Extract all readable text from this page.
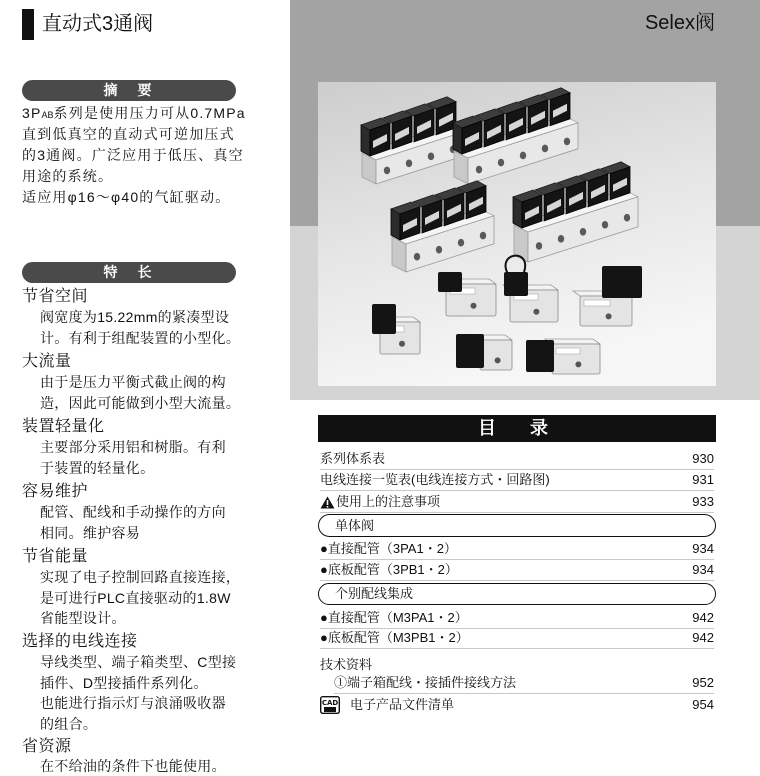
直动式3通阀	Selex阀
摘　要
3PAB系列是使用压力可从0.7MPa
直到低真空的直动式可逆加压式
的3通阀。广泛应用于低压、真空
用途的系统。
适应用φ16～φ40的气缸驱动。
特　长
节省空间
阀宽度为15.22mm的紧凑型设
计。有利于组配装置的小型化。
大流量
由于是压力平衡式截止阀的构
造，因此可能做到小型大流量。
装置轻量化
主要部分采用铝和树脂。有利
于装置的轻量化。
容易维护
配管、配线和手动操作的方向
相同。维护容易
节省能量
实现了电子控制回路直接连接，
是可进行PLC直接驱动的1.8W
省能型设计。
选择的电线连接
导线类型、端子箱类型、C型接
插件、D型接插件系列化。
也能进行指示灯与浪涌吸收器
的组合。
省资源
在不给油的条件下也能使用。
目　录
系列体系表	930
电线连接一览表(电线连接方式・回路图)	931
使用上的注意事项	933
单体阀
●直接配管（3PA1・2）	934
●底板配管（3PB1・2）	934
个别配线集成
●直接配管（M3PA1・2）	942
●底板配管（M3PB1・2）	942
技术资料
①端子箱配线・接插件接线方法	952
CAD 电子产品文件清单	954
